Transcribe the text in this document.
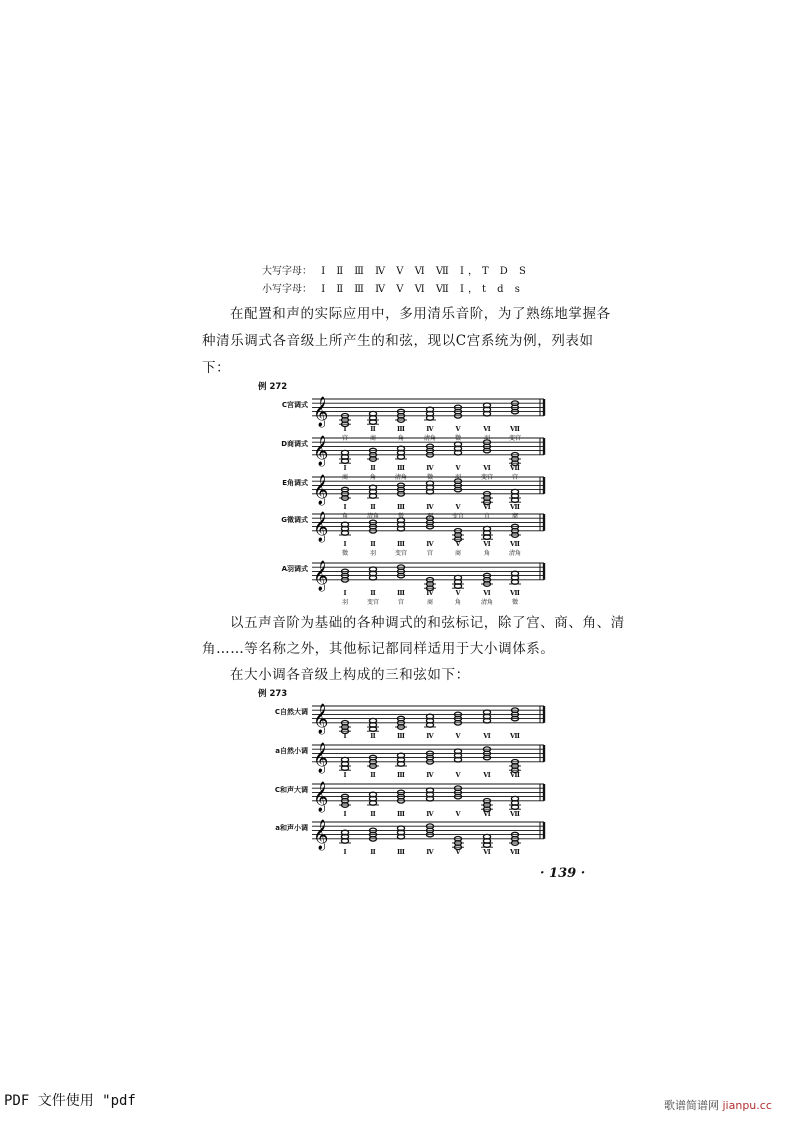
大写字母： Ⅰ Ⅱ Ⅲ Ⅳ Ⅴ Ⅵ Ⅶ Ⅰ，T D S
小写字母： Ⅰ Ⅱ Ⅲ Ⅳ Ⅴ Ⅵ Ⅶ Ⅰ，t d s
在配置和声的实际应用中，多用清乐音阶，为了熟练地掌握各
种清乐调式各音级上所产生的和弦，现以C宫系统为例，列表如
下：
例 272
𝄞
C宫调式
Ⅰ	Ⅱ	Ⅲ	Ⅳ	Ⅴ	Ⅵ	Ⅶ
宫	商	角	清角	徵	羽	变宫
𝄞
D商调式
Ⅰ	Ⅱ	Ⅲ	Ⅳ	Ⅴ	Ⅵ	Ⅶ
商	角	清角	徵	羽	变宫	宫
𝄞
E角调式
Ⅰ	Ⅱ	Ⅲ	Ⅳ	Ⅴ	Ⅵ	Ⅶ
角	清角	徵	羽	变宫	宫	商
𝄞
G徵调式
Ⅰ	Ⅱ	Ⅲ	Ⅳ	Ⅴ	Ⅵ	Ⅶ
徵	羽	变宫	宫	商	角	清角
𝄞
A羽调式
Ⅰ	Ⅱ	Ⅲ	Ⅳ	Ⅴ	Ⅵ	Ⅶ
羽	变宫	宫	商	角	清角	徵
以五声音阶为基础的各种调式的和弦标记，除了宫、商、角、清
角……等名称之外，其他标记都同样适用于大小调体系。
在大小调各音级上构成的三和弦如下：
例 273
𝄞
C自然大调
Ⅰ	Ⅱ	Ⅲ	Ⅳ	Ⅴ	Ⅵ	Ⅶ
𝄞
a自然小调
Ⅰ	Ⅱ	Ⅲ	Ⅳ	Ⅴ	Ⅵ	Ⅶ
𝄞
C和声大调
Ⅰ	Ⅱ	Ⅲ	Ⅳ	Ⅴ	Ⅵ	Ⅶ
𝄞
a和声小调
Ⅰ	Ⅱ	Ⅲ	Ⅳ	Ⅴ	Ⅵ	Ⅶ
· 139 ·
PDF 文件使用 "pdf	歌谱简谱网 jianpu.cc
